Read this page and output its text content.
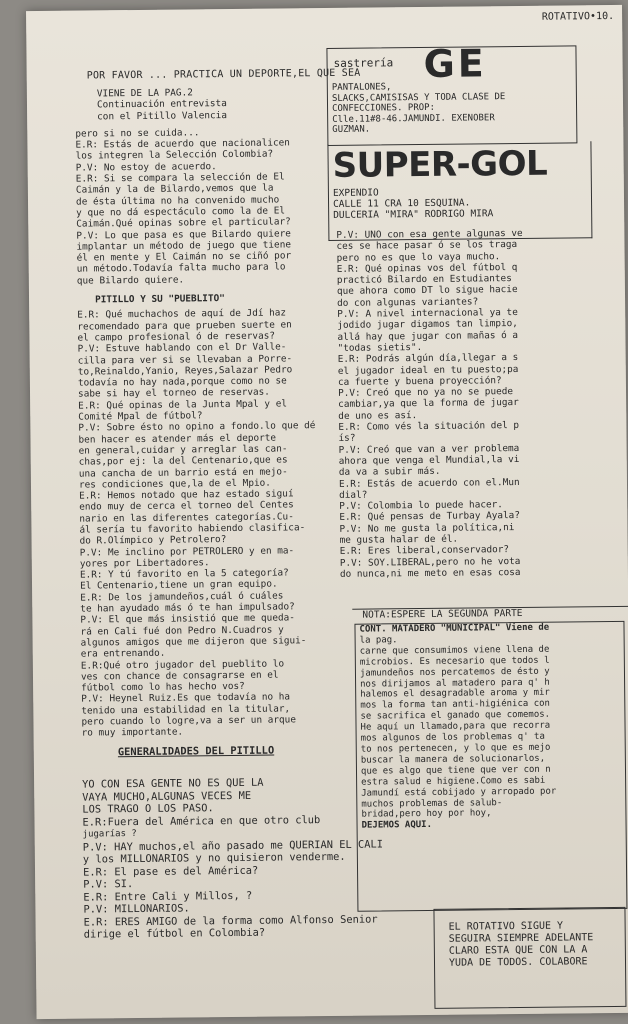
ROTATIVO•10.
POR FAVOR ... PRACTICA UN DEPORTE,EL QUE SEA

VIENE DE LA PAG.2

Continuación entrevista

con el Pitillo Valencia

pero si no se cuida...

E.R: Estás de acuerdo que nacionalicen

los integren la Selección Colombia?

P.V: No estoy de acuerdo.

E.R: Si se compara la selección de El

Caimán y la de Bilardo,vemos que la

de ésta última no ha convenido mucho

y que no dá espectáculo como la de El

Caimán.Qué opinas sobre el particular?

P.V: Lo que pasa es que Bilardo quiere

implantar un método de juego que tiene

él en mente y El Caimán no se ciñó por

un método.Todavía falta mucho para lo

que Bilardo quiere.

PITILLO Y SU "PUEBLITO"

E.R: Qué muchachos de aquí de Jdí haz

recomendado para que prueben suerte en

el campo profesional ó de reservas?

P.V: Estuve hablando con el Dr Valle-

cilla para ver si se llevaban a Porre-

to,Reinaldo,Yanio, Reyes,Salazar Pedro

todavía no hay nada,porque como no se

sabe si hay el torneo de reservas.

E.R: Qué opinas de la Junta Mpal y el

Comité Mpal de fútbol?

P.V: Sobre ésto no opino a fondo.lo que dé

ben hacer es atender más el deporte

en general,cuidar y arreglar las can-

chas,por ej: la del Centenario,que es

una cancha de un barrio está en mejo-

res condiciones que,la de el Mpio.

E.R: Hemos notado que haz estado siguí

endo muy de cerca el torneo del Centes

nario en las diferentes categorías.Cu-

ál sería tu favorito habiendo clasifica-

do R.Olímpico y Petrolero?

P.V: Me inclino por PETROLERO y en ma-

yores por Libertadores.

E.R: Y tú favorito en la 5 categoría?

El Centenario,tiene un gran equipo.

E.R: De los jamundeños,cuál ó cuáles

te han ayudado más ó te han impulsado?

P.V: El que más insistió que me queda-

rá en Cali fué don Pedro N.Cuadros y

algunos amigos que me dijeron que sigui-

era entrenando.

E.R:Qué otro jugador del pueblito lo

ves con chance de consagrarse en el

fútbol como lo has hecho vos?

P.V: Heynel Ruiz.Es que todavía no ha

tenido una estabilidad en la titular,

pero cuando lo logre,va a ser un arque

ro muy importante.

GENERALIDADES DEL PITILLO

YO CON ESA GENTE NO ES QUE LA

VAYA MUCHO,ALGUNAS VECES ME

LOS TRAGO O LOS PASO.

E.R:Fuera del América en que otro club

jugarías ?

P.V: HAY muchos,el año pasado me QUERIAN EL CALI

y los MILLONARIOS y no quisieron venderme.

E.R: El pase es del América?

P.V: SI.

E.R: Entre Cali y Millos, ?

P.V: MILLONARIOS.

E.R: ERES AMIGO de la forma como Alfonso Senior

dirige el fútbol en Colombia?

sastrería GE
PANTALONES,
SLACKS,CAMISISAS Y TODA CLASE DE
CONFECCIONES. PROP:
Clle.11#8-46.JAMUNDI. EXENOBER
GUZMAN.
SUPER-GOL
EXPENDIO
CALLE 11 CRA 10 ESQUINA.
DULCERIA "MIRA" RODRIGO MIRA

P.V: UNO con esa gente algunas ve

ces se hace pasar ó se los traga

pero no es que lo vaya mucho.

E.R: Qué opinas vos del fútbol q

practicó Bilardo en Estudiantes

que ahora como DT lo sigue hacie

do con algunas variantes?

P.V: A nivel internacional ya te

jodido jugar digamos tan limpio,

allá hay que jugar con mañas ó a

"todas sietis".

E.R: Podrás algún día,llegar a s

el jugador ideal en tu puesto;pa

ca fuerte y buena proyección?

P.V: Creó que no ya no se puede

cambiar,ya que la forma de jugar

de uno es así.

E.R: Como vés la situación del p

ís?

P.V: Creó que van a ver problema

ahora que venga el Mundial,la vi

da va a subir más.

E.R: Estás de acuerdo con el.Mun

dial?

P.V: Colombia lo puede hacer.

E.R: Qué pensas de Turbay Ayala?

P.V: No me gusta la política,ni

me gusta halar de él.

E.R: Eres liberal,conservador?

P.V: SOY.LIBERAL,pero no he vota

do nunca,ni me meto en esas cosa

NOTA:ESPERE LA SEGUNDA PARTE

CONT. MATADERO "MUNICIPAL" Viene de

la pag.

carne que consumimos viene llena de

microbios. Es necesario que todos l

jamundeños nos percatemos de ésto y

nos dirijamos al matadero para q' h

halemos el desagradable aroma y mir

mos la forma tan anti-higiénica con

se sacrifica el ganado que comemos.

He aquí un llamado,para que recorra

mos algunos de los problemas q' ta

to nos pertenecen, y lo que es mejo

buscar la manera de solucionarlos,

que es algo que tiene que ver con n

estra salud e higiene.Como es sabi

Jamundí está cobijado y arropado por

muchos problemas de salub-

bridad,pero hoy por hoy,

DEJEMOS AQUI.

EL ROTATIVO SIGUE Y

SEGUIRA SIEMPRE ADELANTE

CLARO ESTA QUE CON LA A

YUDA DE TODOS. COLABORE
